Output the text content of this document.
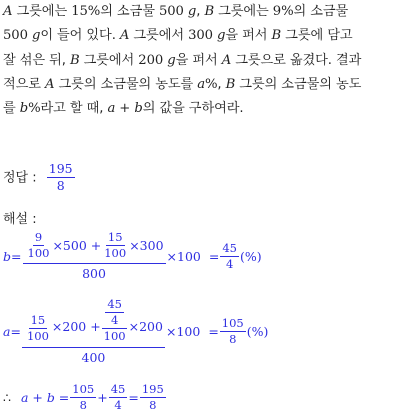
A 그릇에는 15%의 소금물 500 g, B 그릇에는 9%의 소금물
500 g이 들어 있다. A 그릇에서 300 g을 퍼서 B 그릇에 담고
잘 섞은 뒤, B 그릇에서 200 g을 퍼서 A 그릇으로 옮겼다. 결과
적으로 A 그릇의 소금물의 농도를 a%, B 그릇의 소금물의 농도
를 b%라고 할 때, a + b의 값을 구하여라.
정답 : $\frac{195}{8}$
해설 :
$b = \frac{9}{100} \times 500 + \frac{15}{100} \times 300$
800
$\times 100 = \frac{45}{4}$ (%)
$a = \frac{15}{100} \times 200 + \frac{\frac{45}{4}}{100} \times 200$
400
$\times 100 = \frac{105}{8}$ (%)
∴ $a + b = \frac{105}{8} + \frac{45}{4} = \frac{195}{8}$
